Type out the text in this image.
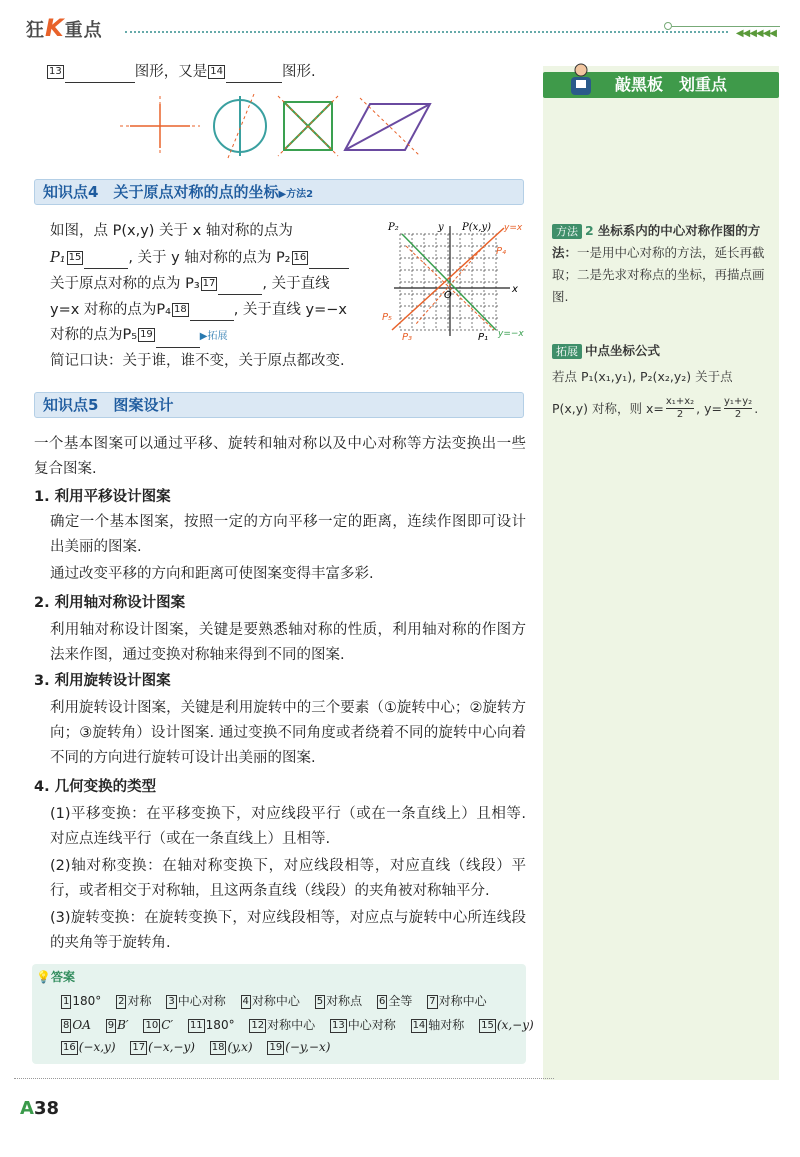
狂K重点	◀◀◀◀◀◀
13	图形，又是 14	图形.
知识点4　关于原点对称的点的坐标▶方法2
如图，点 P(x,y) 关于 x 轴对称的点为
P₁ 15	, 关于 y 轴对称的点为 P₂ 16
关于原点对称的点为 P₃ 17	, 关于直线
y=x 对称的点为P₄ 18	, 关于直线 y=−x
对称的点为P₅ 19	▶拓展
简记口诀：关于谁，谁不变，关于原点都改变.
P₂	y P(x,y) y=x
P₄
O
x
P₅
P₃	P₁ y=−x
知识点5　图案设计
一个基本图案可以通过平移、旋转和轴对称以及中心对称等方法变换出一些复合图案.
1. 利用平移设计图案
确定一个基本图案，按照一定的方向平移一定的距离，连续作图即可设计出美丽的图案.
通过改变平移的方向和距离可使图案变得丰富多彩.
2. 利用轴对称设计图案
利用轴对称设计图案，关键是要熟悉轴对称的性质，利用轴对称的作图方法来作图，通过变换对称轴来得到不同的图案.
3. 利用旋转设计图案
利用旋转设计图案，关键是利用旋转中的三个要素（①旋转中心；②旋转方向；③旋转角）设计图案. 通过变换不同角度或者绕着不同的旋转中心向着不同的方向进行旋转可设计出美丽的图案.
4. 几何变换的类型
(1)平移变换：在平移变换下，对应线段平行（或在一条直线上）且相等. 对应点连线平行（或在一条直线上）且相等.
(2)轴对称变换：在轴对称变换下，对应线段相等，对应直线（线段）平行，或者相交于对称轴，且这两条直线（线段）的夹角被对称轴平分.
(3)旋转变换：在旋转变换下，对应线段相等，对应点与旋转中心所连线段的夹角等于旋转角.
💡答案
1 180° 2 对称 3 中心对称 4 对称中心 5 对称点 6 全等 7 对称中心
8 OA 9 B′ 10 C′ 11 180° 12 对称中心 13 中心对称 14 轴对称 15 (x,−y)
16 (−x,y) 17 (−x,−y) 18 (y,x) 19 (−y,−x)
敲黑板　划重点
方法 2 坐标系内的中心对称作图的方法：一是用中心对称的方法，延长再截取；二是先求对称点的坐标，再描点画图.
拓展 中点坐标公式
若点 P₁(x₁,y₁), P₂(x₂,y₂) 关于点
P(x,y) 对称，则 $x= \frac{\text{x₁+x₂}}{2}$ , $y= \frac{\text{y₁+y₂}}{2}$ .
A38
